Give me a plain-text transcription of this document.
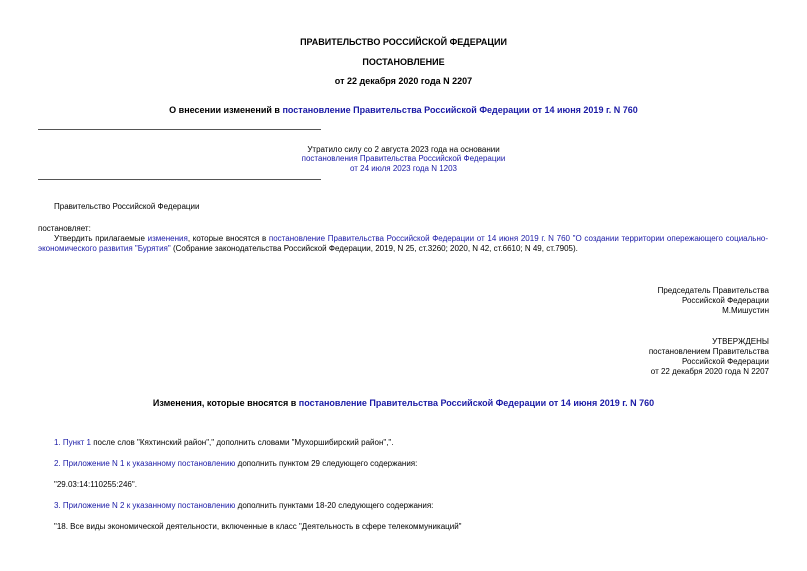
ПРАВИТЕЛЬСТВО РОССИЙСКОЙ ФЕДЕРАЦИИ
ПОСТАНОВЛЕНИЕ
от 22 декабря 2020 года N 2207
О внесении изменений в постановление Правительства Российской Федерации от 14 июня 2019 г. N 760
Утратило силу со 2 августа 2023 года на основании
постановления Правительства Российской Федерации
от 24 июля 2023 года N 1203
Правительство Российской Федерации
постановляет:
Утвердить прилагаемые изменения, которые вносятся в постановление Правительства Российской Федерации от 14 июня 2019 г. N 760 "О создании территории опережающего социально-экономического развития "Бурятия" (Собрание законодательства Российской Федерации, 2019, N 25, ст.3260; 2020, N 42, ст.6610; N 49, ст.7905).
Председатель Правительства
Российской Федерации
М.Мишустин
УТВЕРЖДЕНЫ
постановлением Правительства
Российской Федерации
от 22 декабря 2020 года N 2207
Изменения, которые вносятся в постановление Правительства Российской Федерации от 14 июня 2019 г. N 760
1. Пункт 1 после слов "Кяхтинский район"," дополнить словами "Мухоршибирский район",".
2. Приложение N 1 к указанному постановлению дополнить пунктом 29 следующего содержания:
"29.03:14:110255:246".
3. Приложение N 2 к указанному постановлению дополнить пунктами 18-20 следующего содержания:
"18. Все виды экономической деятельности, включенные в класс "Деятельность в сфере телекоммуникаций"
